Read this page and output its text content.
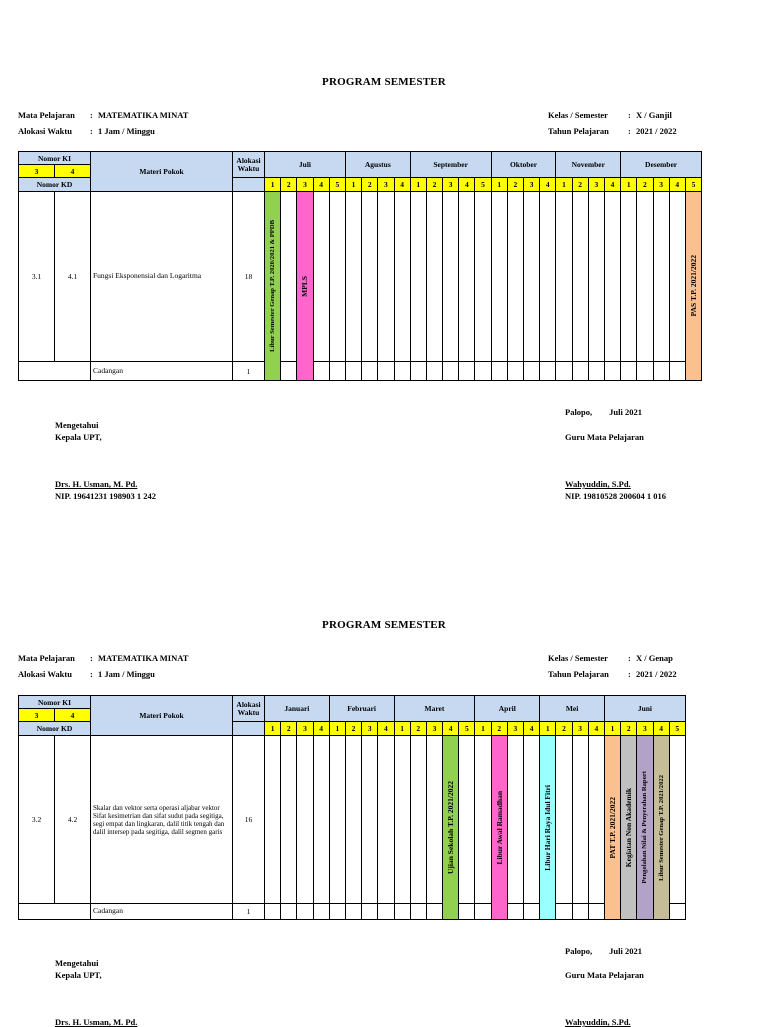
PROGRAM SEMESTER
Mata Pelajaran : MATEMATIKA MINAT
Alokasi Waktu : 1 Jam / Minggu
Kelas / Semester : X / Ganjil
Tahun Pelajaran : 2021 / 2022
Nomor KI		Materi Pokok	Alokasi Waktu	Juli					Agustus				September					Oktober				November				Desember				
3	4																													
Nomor KD				1	2	3	4	5	1	2	3	4	1	2	3	4	5	1	2	3	4	1	2	3	4	1	2	3	4	5
3.1	4.1	Fungsi Eksponensial dan Logaritma	18	Libur Semester Genap T.P. 2020/2021 & PPDB		MPLS																								PAS T.P. 2021/2022

		Cadangan	1																											
Palopo,        Juli 2021
Mengetahui
Kepala UPT,	Guru Mata Pelajaran
Drs. H. Usman, M. Pd.
NIP. 19641231 198903 1 242
Wahyuddin, S.Pd.
NIP. 19810528 200604 1 016
PROGRAM SEMESTER
Mata Pelajaran : MATEMATIKA MINAT
Alokasi Waktu : 1 Jam / Minggu
Kelas / Semester : X / Genap
Tahun Pelajaran : 2021 / 2022
Nomor KI		Materi Pokok	Alokasi Waktu	Januari				Februari				Maret					April				Mei				Juni				
3	4																												
Nomor KD				1	2	3	4	1	2	3	4	1	2	3	4	5	1	2	3	4	1	2	3	4	1	2	3	4	5
3.2	4.2	Skalar dan vektor serta operasi aljabar vektor
Sifat kesimetrian dan sifat sudut pada segitiga, segi empat dan lingkaran, dalil titik tengah dan dalil intersep pada segitiga, dalil segmen garis	16												Ujian Sekolah T.P. 2021/2022			Libur Awal Ramadhan			Libur Hari Raya Idul Fitri				PAT T.P. 2021/2022	Kegiatan Non Akademik	Pengolahan Nilai & Penyerahan Raport	Libur Semester Genap T.P. 2021/2022	

		Cadangan	1																										
Palopo,        Juli 2021
Mengetahui
Kepala UPT,	Guru Mata Pelajaran
Drs. H. Usman, M. Pd.	Wahyuddin, S.Pd.
